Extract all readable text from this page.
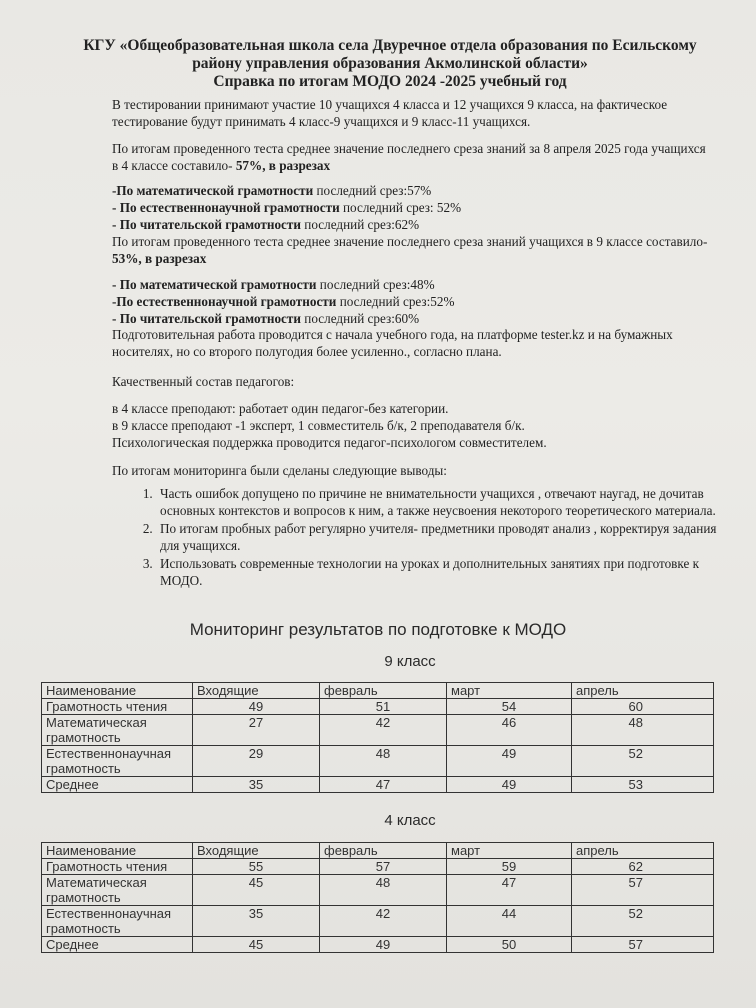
КГУ «Общеобразовательная школа села Двуречное отдела образования по Есильскому
району управления образования Акмолинской области»
Справка по итогам МОДО 2024 -2025 учебный год
В тестировании принимают участие 10 учащихся 4 класса и 12 учащихся 9 класса, на фактическое тестирование будут принимать 4 класс-9 учащихся и 9 класс-11 учащихся.
По итогам проведенного теста среднее значение последнего среза знаний за 8 апреля 2025 года учащихся в 4 классе составило- 57%, в разрезах
-По математической грамотности последний срез:57%
- По естественнонаучной грамотности последний срез: 52%
- По читательской грамотности последний срез:62%
По итогам проведенного теста среднее значение последнего среза знаний учащихся в 9 классе составило- 53%, в разрезах
- По математической грамотности последний срез:48%
-По естественнонаучной грамотности последний срез:52%
- По читательской грамотности последний срез:60%
Подготовительная работа проводится с начала учебного года, на платформе tester.kz и на бумажных носителях, но со второго полугодия более усиленно., согласно плана.
Качественный состав педагогов:
в 4 классе преподают: работает один педагог-без категории.
в 9 классе преподают -1 эксперт, 1 совместитель б/к, 2 преподавателя б/к.
Психологическая поддержка проводится педагог-психологом совместителем.
По итогам мониторинга были сделаны следующие выводы:
1. Часть ошибок допущено по причине не внимательности учащихся , отвечают наугад, не дочитав основных контекстов и вопросов к ним, а также неусвоения некоторого теоретического материала.
2. По итогам пробных работ регулярно учителя- предметники проводят анализ , корректируя задания для учащихся.
3. Использовать современные технологии на уроках и дополнительных занятиях при подготовке к МОДО.
Мониторинг результатов по подготовке к МОДО
9 класс
Наименование	Входящие	февраль	март	апрель
Грамотность чтения	49	51	54	60
Математическая грамотность	27	42	46	48
Естественнонаучная грамотность	29	48	49	52
Среднее	35	47	49	53
4 класс
Наименование	Входящие	февраль	март	апрель
Грамотность чтения	55	57	59	62
Математическая грамотность	45	48	47	57
Естественнонаучная грамотность	35	42	44	52
Среднее	45	49	50	57
